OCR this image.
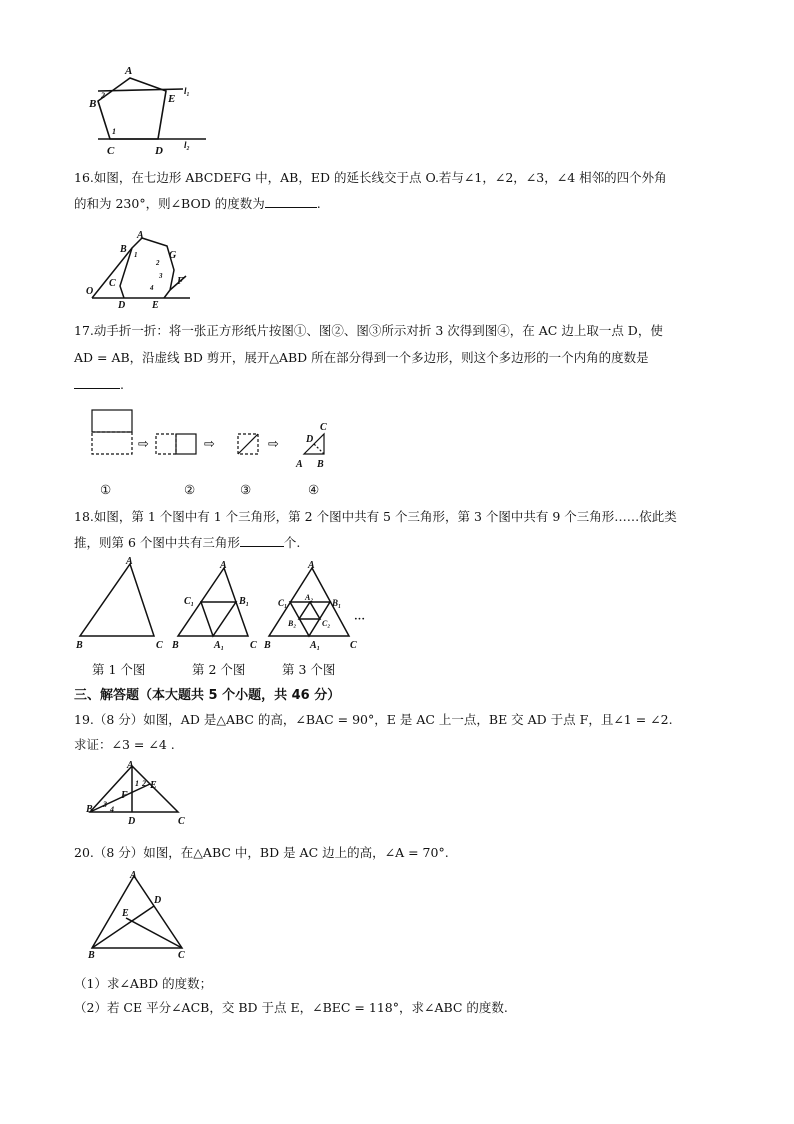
A
B	E
C	D
l₁
l₂
2
1
16.如图，在七边形 ABCDEFG 中，AB，ED 的延长线交于点 O.若与∠1，∠2，∠3，∠4 相邻的四个外角
的和为 230°，则∠BOD 的度数为	.
A
B
G
C
2
3
1
4
F
O
D	E
17.动手折一折：将一张正方形纸片按图①、图②、图③所示对折 3 次得到图④，在 AC 边上取一点 D，使
AD = AB，沿虚线 BD 剪开，展开△ABD 所在部分得到一个多边形，则这个多边形的一个内角的度数是
.
⇨	⇨	⇨
C
D
A B
①	②	③	④
18.如图，第 1 个图中有 1 个三角形，第 2 个图中共有 5 个三角形，第 3 个图中共有 9 个三角形……依此类
推，则第 6 个图中共有三角形	个.
A
B	C
A
C₁	B₁
B	A₁	C
A
C₁
A₂
B₁
B₂	C₂
B	A₁	C
···
第 1 个图	第 2 个图	第 3 个图
三、解答题（本大题共 5 个小题，共 46 分）
19.（8 分）如图，AD 是△ABC 的高，∠BAC = 90°，E 是 AC 上一点，BE 交 AD 于点 F，且∠1 = ∠2.
求证：∠3 = ∠4 .
A
E
F
B
D	C
1 2
3
4
20.（8 分）如图，在△ABC 中，BD 是 AC 边上的高，∠A = 70°.
A
D
E
B	C
（1）求∠ABD 的度数；
（2）若 CE 平分∠ACB，交 BD 于点 E，∠BEC = 118°，求∠ABC 的度数.
